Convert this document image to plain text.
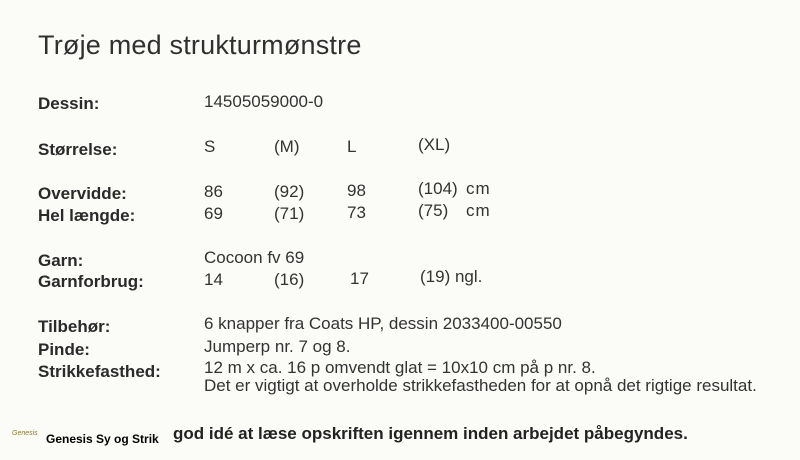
Trøje med strukturmønstre
Dessin:	14505059000-0
Størrelse:	S	(M)	L	(XL)
Overvidde:	86	(92)	98	(104) cm
Hel længde:	69	(71)	73	(75) cm
Garn:	Cocoon fv 69
Garnforbrug:	14	(16)	17	(19) ngl.
Tilbehør:	6 knapper fra Coats HP, dessin 2033400-00550
Pinde:	Jumperp nr. 7 og 8.
Strikkefasthed:	12 m x ca. 16 p omvendt glat = 10x10 cm på p nr. 8.
Det er vigtigt at overholde strikkefastheden for at opnå det rigtige resultat.
Genesis Genesis Sy og Strik god idé at læse opskriften igennem inden arbejdet påbegyndes.
